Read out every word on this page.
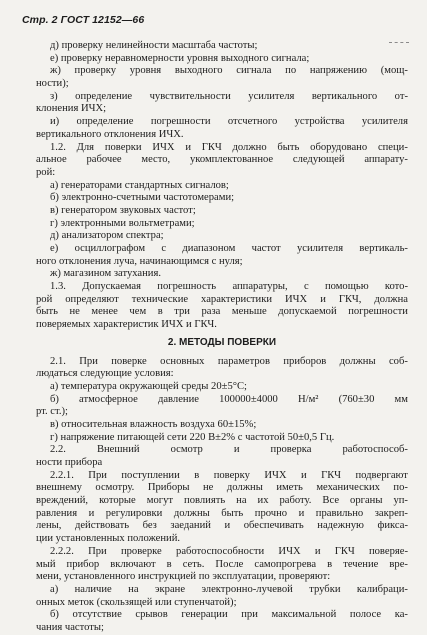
Стр. 2 ГОСТ 12152—66
д) проверку нелинейности масштаба частоты;
е) проверку неравномерности уровня выходного сигнала;
ж) проверку уровня выходного сигнала по напряжению (мощ-
ности);
з) определение чувствительности усилителя вертикального от-
клонения ИЧХ;
и) определение погрешности отсчетного устройства усилителя
вертикального отклонения ИЧХ.
1.2. Для поверки ИЧХ и ГКЧ должно быть оборудовано специ-
альное рабочее место, укомплектованное следующей аппарату-
рой:
а) генераторами стандартных сигналов;
б) электронно-счетными частотомерами;
в) генератором звуковых частот;
г) электронными вольтметрами;
д) анализатором спектра;
е) осциллографом с диапазоном частот усилителя вертикаль-
ного отклонения луча, начинающимся с нуля;
ж) магазином затухания.
1.3. Допускаемая погрешность аппаратуры, с помощью кото-
рой определяют технические характеристики ИЧХ и ГКЧ, должна
быть не менее чем в три раза меньше допускаемой погрешности
поверяемых характеристик ИЧХ и ГКЧ.
2. МЕТОДЫ ПОВЕРКИ
2.1. При поверке основных параметров приборов должны соб-
людаться следующие условия:
а) температура окружающей среды 20±5°С;
б) атмосферное давление 100000±4000 Н/м² (760±30 мм
рт. ст.);
в) относительная влажность воздуха 60±15%;
г) напряжение питающей сети 220 В±2% с частотой 50±0,5 Гц.
2.2.	Внешний	осмотр	и	проверка	работоспособ-
ности прибора
2.2.1. При поступлении в поверку ИЧХ и ГКЧ подвергают
внешнему осмотру. Приборы не должны иметь механических по-
вреждений, которые могут повлиять на их работу. Все органы уп-
равления и регулировки должны быть прочно и правильно закреп-
лены, действовать без заеданий и обеспечивать надежную фикса-
ции установленных положений.
2.2.2. При проверке работоспособности ИЧХ и ГКЧ поверяе-
мый прибор включают в сеть. После самопрогрева в течение вре-
мени, установленного инструкцией по эксплуатации, проверяют:
а) наличие на экране электронно-лучевой трубки калибраци-
онных меток (скользящей или ступенчатой);
б) отсутствие срывов генерации при максимальной полосе ка-
чания частоты;
